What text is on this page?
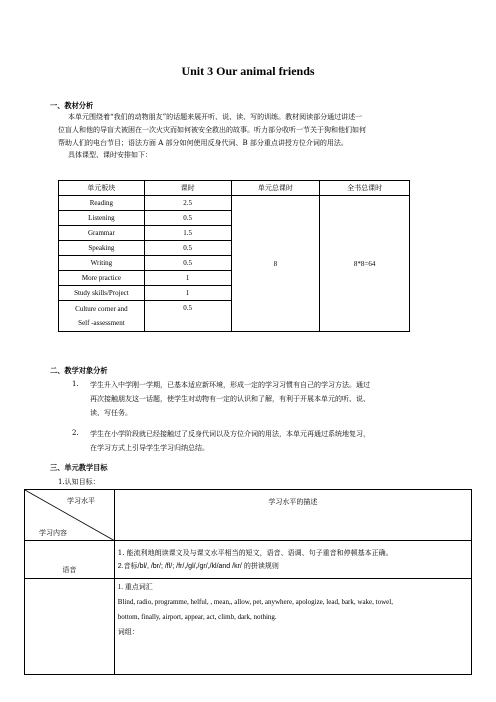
Unit 3 Our animal friends
一、教材分析
本单元围绕着“我们的动物朋友”的话题来展开听、说、读、写的训练。教材阅读部分通过讲述一
位盲人和他的导盲犬被困在一次火灾而如何被安全救出的故事。听力部分收听一节关于狗和他们如何
帮助人们的电台节目；语法方面 A 部分如何使用反身代词、B 部分重点讲授方位介词的用法。
具体课型、课时安排如下：
单元板块	课时	单元总课时	全书总课时
Reading	2.5	8	8*8=64
Listening	0.5		
Grammar	1.5		
Speaking	0.5		
Writing	0.5		
More practice	1		
Study skills/Project	1		

Culture corner and
Self -assessment	0.5		
二、教学对象分析
1. 学生升入中学刚一学期，已基本适应新环境，形成一定的学习习惯有自己的学习方法。通过
再次接触朋友这一话题，使学生对动物有一定的认识和了解，有利于开展本单元的听、说、
读、写任务。
2. 学生在小学阶段就已经接触过了反身代词以及方位介词的用法，本单元再通过系统地复习，
在学习方式上引导学生学习归纳总结。
三、单元教学目标
1.认知目标：
学习水平
学习内容	学习水平的描述
语音	1. 能流利地朗读课文及与课文水平相当的短文，语音、语调、句子重音和停顿基本正确。
2.音标/bl/, /br/; /fl/; /fr/,/gl/,/gr/,/kl/and /kr/ 的拼读规则

	1. 重点词汇
Blind, radio, programme, helful, , mean,, allow, pet, anywhere, apologize, lead, bark, wake, towel,
bottom, finally, airport, appear, act, climb, dark, nothing.
词组：
